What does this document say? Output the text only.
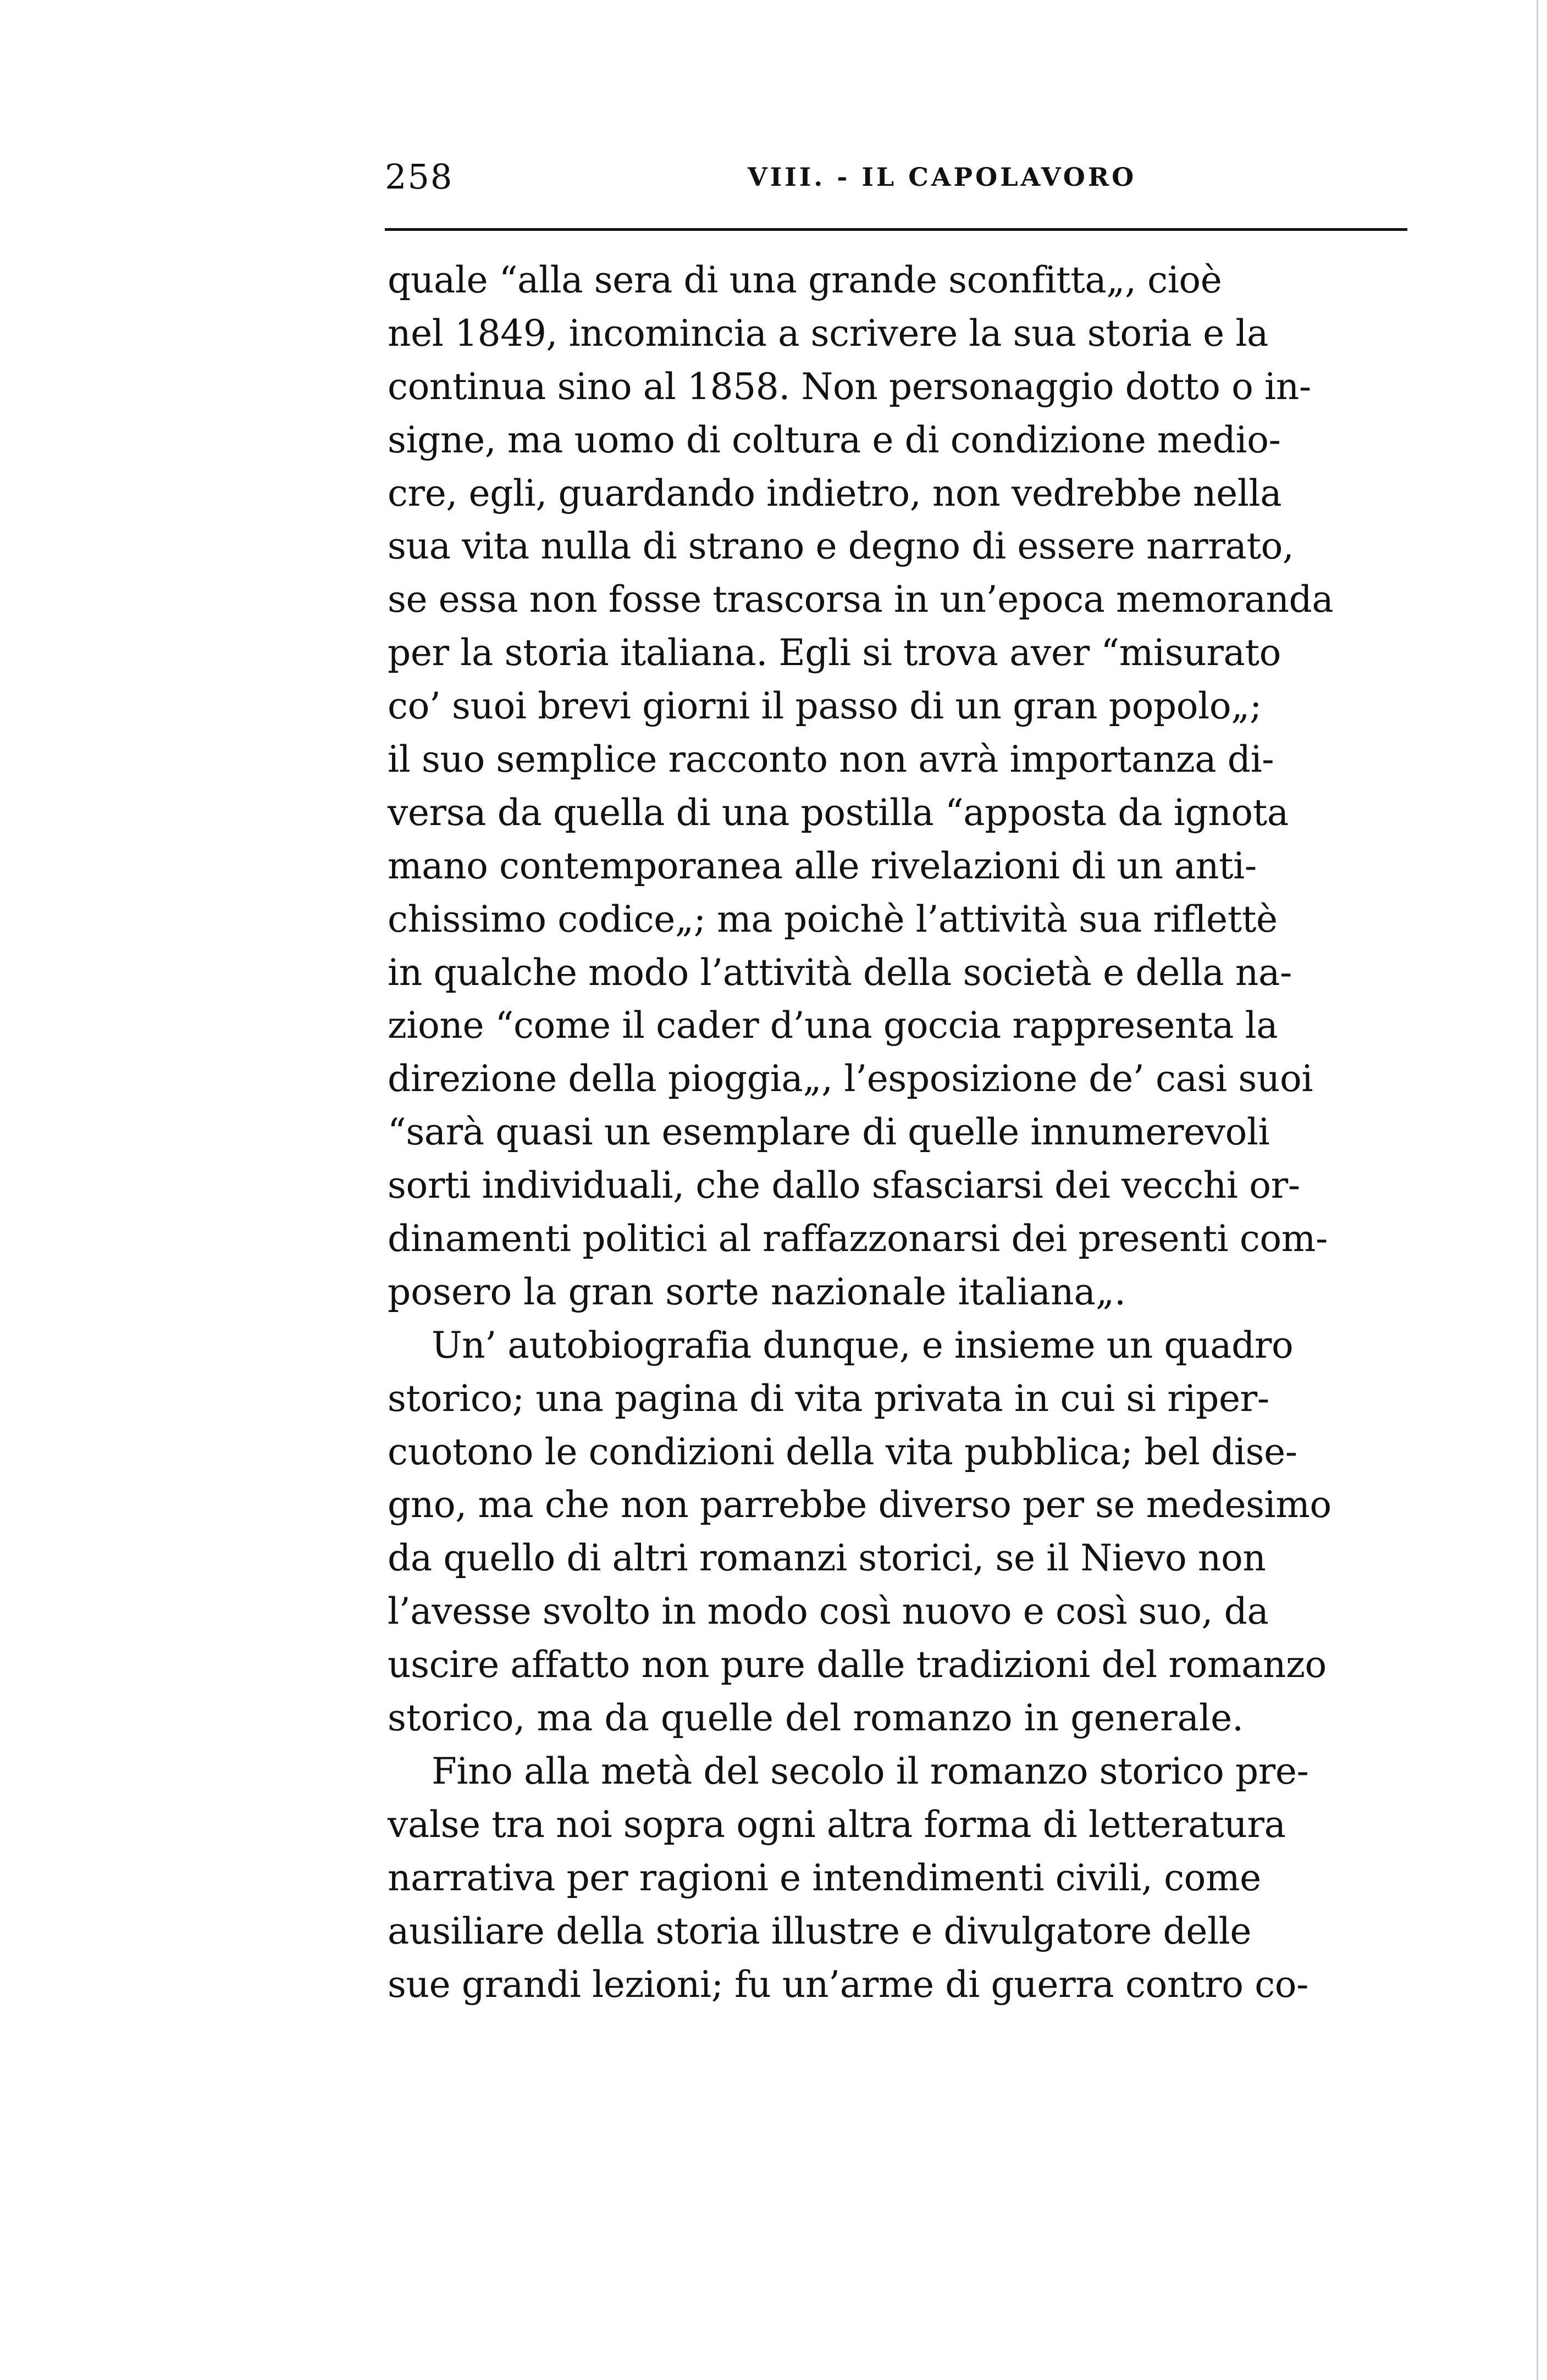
258	VIII. - IL CAPOLAVORO
quale “alla sera di una grande sconfitta„, cioè
nel 1849, incomincia a scrivere la sua storia e la
continua sino al 1858. Non personaggio dotto o in-
signe, ma uomo di coltura e di condizione medio-
cre, egli, guardando indietro, non vedrebbe nella
sua vita nulla di strano e degno di essere narrato,
se essa non fosse trascorsa in un’epoca memoranda
per la storia italiana. Egli si trova aver “misurato
co’ suoi brevi giorni il passo di un gran popolo„;
il suo semplice racconto non avrà importanza di-
versa da quella di una postilla “apposta da ignota
mano contemporanea alle rivelazioni di un anti-
chissimo codice„; ma poichè l’attività sua riflettè
in qualche modo l’attività della società e della na-
zione “come il cader d’una goccia rappresenta la
direzione della pioggia„, l’esposizione de’ casi suoi
“sarà quasi un esemplare di quelle innumerevoli
sorti individuali, che dallo sfasciarsi dei vecchi or-
dinamenti politici al raffazzonarsi dei presenti com-
posero la gran sorte nazionale italiana„.
Un’ autobiografia dunque, e insieme un quadro
storico; una pagina di vita privata in cui si riper-
cuotono le condizioni della vita pubblica; bel dise-
gno, ma che non parrebbe diverso per se medesimo
da quello di altri romanzi storici, se il Nievo non
l’avesse svolto in modo così nuovo e così suo, da
uscire affatto non pure dalle tradizioni del romanzo
storico, ma da quelle del romanzo in generale.
Fino alla metà del secolo il romanzo storico pre-
valse tra noi sopra ogni altra forma di letteratura
narrativa per ragioni e intendimenti civili, come
ausiliare della storia illustre e divulgatore delle
sue grandi lezioni; fu un’arme di guerra contro co-
